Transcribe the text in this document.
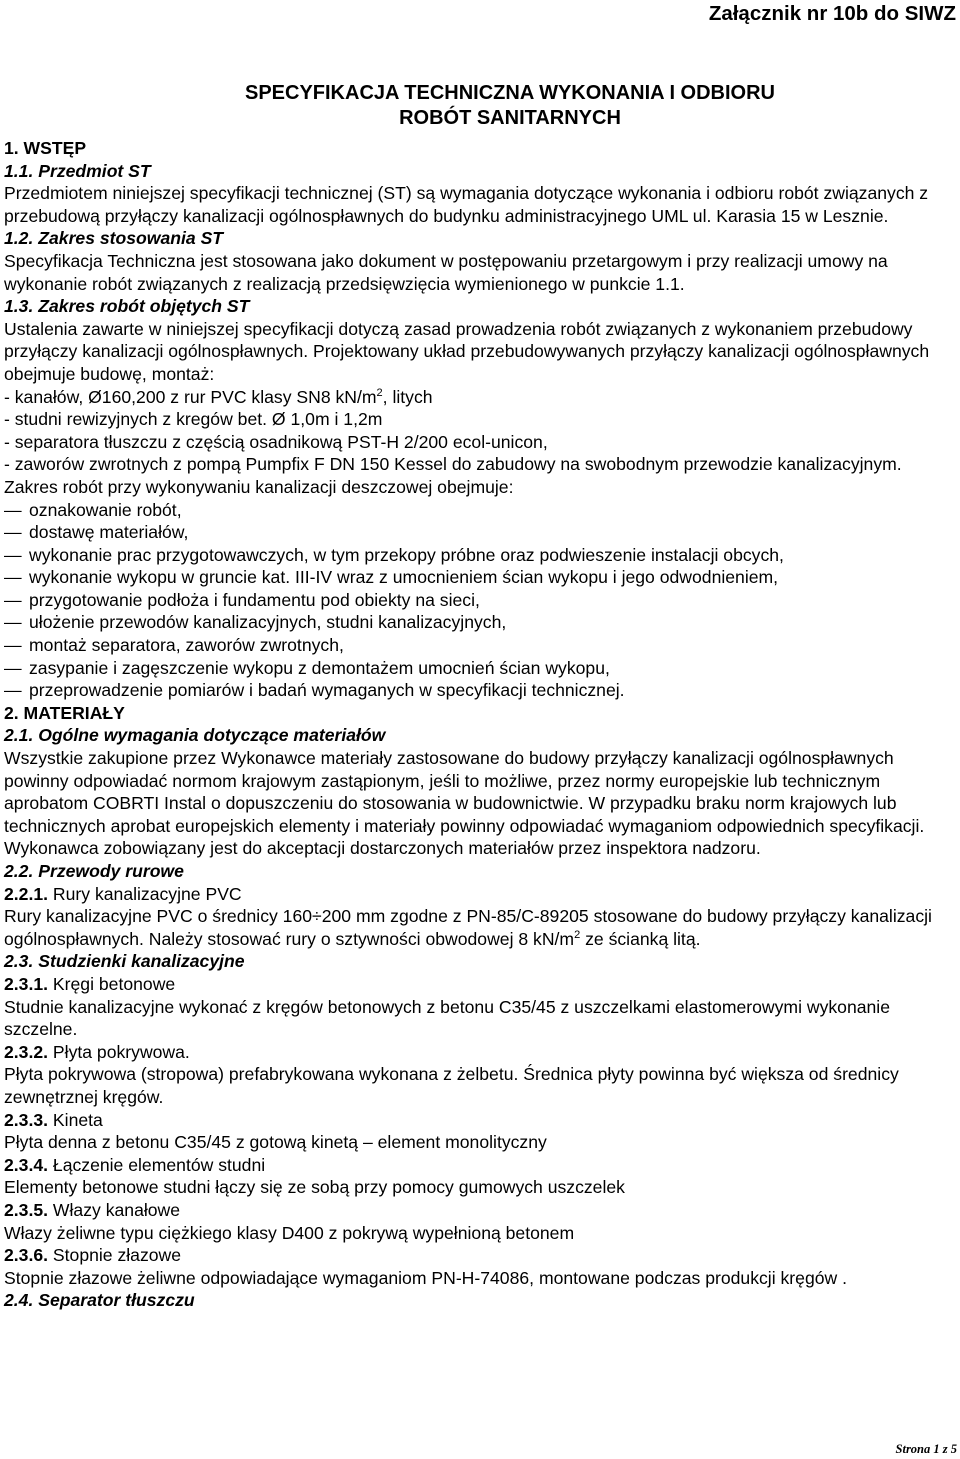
Załącznik nr 10b do SIWZ
SPECYFIKACJA TECHNICZNA WYKONANIA I ODBIORU
ROBÓT SANITARNYCH

1. WSTĘP

1.1. Przedmiot ST

Przedmiotem niniejszej specyfikacji technicznej (ST) są wymagania dotyczące wykonania i odbioru robót związanych z przebudową przyłączy kanalizacji ogólnospławnych do budynku administracyjnego UML ul. Karasia 15 w Lesznie.

1.2. Zakres stosowania ST

Specyfikacja Techniczna jest stosowana jako dokument w postępowaniu przetargowym i przy realizacji umowy na wykonanie robót związanych z realizacją przedsięwzięcia wymienionego w punkcie 1.1.

1.3. Zakres robót objętych ST

Ustalenia zawarte w niniejszej specyfikacji dotyczą zasad prowadzenia robót związanych z wykonaniem przebudowy przyłączy kanalizacji ogólnospławnych. Projektowany układ przebudowywanych przyłączy kanalizacji ogólnospławnych obejmuje budowę, montaż:

- kanałów, Ø160,200 z rur PVC klasy SN8 $kN/m^2$, litych

- studni rewizyjnych z kregów bet. Ø 1,0m i 1,2m

- separatora tłuszczu z częścią osadnikową PST-H 2/200 ecol-unicon,

- zaworów zwrotnych z pompą Pumpfix F DN 150 Kessel do zabudowy na swobodnym przewodzie kanalizacyjnym.

Zakres robót przy wykonywaniu kanalizacji deszczowej obejmuje:

— oznakowanie robót,

— dostawę materiałów,

— wykonanie prac przygotowawczych, w tym przekopy próbne oraz podwieszenie instalacji obcych,

— wykonanie wykopu w gruncie kat. III-IV wraz z umocnieniem ścian wykopu i jego odwodnieniem,

— przygotowanie podłoża i fundamentu pod obiekty na sieci,

— ułożenie przewodów kanalizacyjnych, studni kanalizacyjnych,

— montaż separatora, zaworów zwrotnych,

— zasypanie i zagęszczenie wykopu z demontażem umocnień ścian wykopu,

— przeprowadzenie pomiarów i badań wymaganych w specyfikacji technicznej.

2. MATERIAŁY

2.1. Ogólne wymagania dotyczące materiałów

Wszystkie zakupione przez Wykonawce materiały zastosowane do budowy przyłączy kanalizacji ogólnospławnych powinny odpowiadać normom krajowym zastąpionym, jeśli to możliwe, przez normy europejskie lub technicznym aprobatom COBRTI Instal o dopuszczeniu do stosowania w budownictwie. W przypadku braku norm krajowych lub technicznych aprobat europejskich elementy i materiały powinny odpowiadać wymaganiom odpowiednich specyfikacji.

Wykonawca zobowiązany jest do akceptacji dostarczonych materiałów przez inspektora nadzoru.

2.2. Przewody rurowe

2.2.1. Rury kanalizacyjne PVC

Rury kanalizacyjne PVC o średnicy 160÷200 mm zgodne z PN-85/C-89205 stosowane do budowy przyłączy kanalizacji ogólnospławnych. Należy stosować rury o sztywności obwodowej 8 $kN/m^2$ ze ścianką litą.

2.3. Studzienki kanalizacyjne

2.3.1. Kręgi betonowe

Studnie kanalizacyjne wykonać z kręgów betonowych z betonu C35/45 z uszczelkami elastomerowymi wykonanie szczelne.

2.3.2. Płyta pokrywowa.

Płyta pokrywowa (stropowa) prefabrykowana wykonana z żelbetu. Średnica płyty powinna być większa od średnicy zewnętrznej kręgów.

2.3.3. Kineta

Płyta denna z betonu C35/45 z gotową kinetą – element monolityczny

2.3.4. Łączenie elementów studni

Elementy betonowe studni łączy się ze sobą przy pomocy gumowych uszczelek

2.3.5. Włazy kanałowe

Włazy żeliwne typu ciężkiego klasy D400 z pokrywą wypełnioną betonem

2.3.6. Stopnie złazowe

Stopnie złazowe żeliwne odpowiadające wymaganiom PN-H-74086, montowane podczas produkcji kręgów .

2.4. Separator tłuszczu

Strona 1 z 5
